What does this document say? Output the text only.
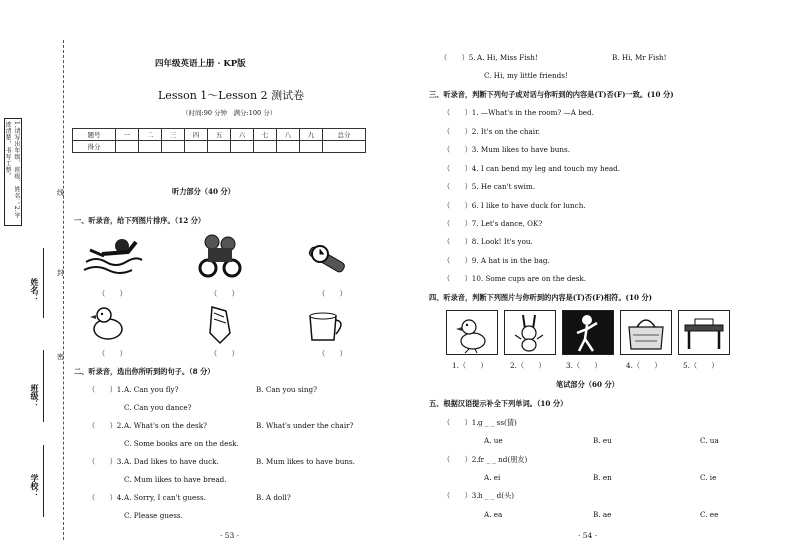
1.请写出年级、班级、姓名；2.字迹清楚，书写工整。
姓名：
班级：
学校：
线
封
密
四年级英语上册 · KP版
Lesson 1～Lesson 2 测试卷
（时间:90 分钟　满分:100 分）
题号	一	二	三	四	五	六	七	八	九	总分
得分										
听力部分（40 分）
一、听录音，给下列图片排序。（12 分）
（　　）	（　　）	（　　）
（　　）	（　　）	（　　）
二、听录音，选出你所听到的句子。（8 分）
（　　）1. A. Can you fly?	B. Can you sing?
C. Can you dance?
（　　）2. A. What's on the desk?	B. What's under the chair?
C. Some books are on the desk.
（　　）3. A. Dad likes to have duck.	B. Mum likes to have buns.
C. Mum likes to have bread.
（　　）4. A. Sorry, I can't guess.	B. A doll?
C. Please guess.
· 53 ·
（　　）5. A. Hi, Miss Fish!	B. Hi, Mr Fish!
C. Hi, my little friends!
三、听录音，判断下列句子或对话与你听到的内容是(T)否(F)一致。(10 分)
（　　）1. —What's in the room? —A bed.
（　　）2. It's on the chair.
（　　）3. Mum likes to have buns.
（　　）4. I can bend my leg and touch my head.
（　　）5. He can't swim.
（　　）6. I like to have duck for lunch.
（　　）7. Let's dance, OK?
（　　）8. Look! It's you.
（　　）9. A hat is in the bag.
（　　）10. Some cups are on the desk.
四、听录音，判断下列图片与你听到的内容是(T)否(F)相符。(10 分)
1.（　　）	2.（　　）	3.（　　）	4.（　　）	5.（　　）
笔试部分（60 分）
五、根据汉语提示补全下列单词。（10 分）
（　　）1. g _ _ ss(猜)
A. ue	B. eu	C. ua
（　　）2. fr _ _ nd(朋友)
A. ei	B. en	C. ie
（　　）3. h _ _ d(头)
A. ea	B. ae	C. ee
· 54 ·
